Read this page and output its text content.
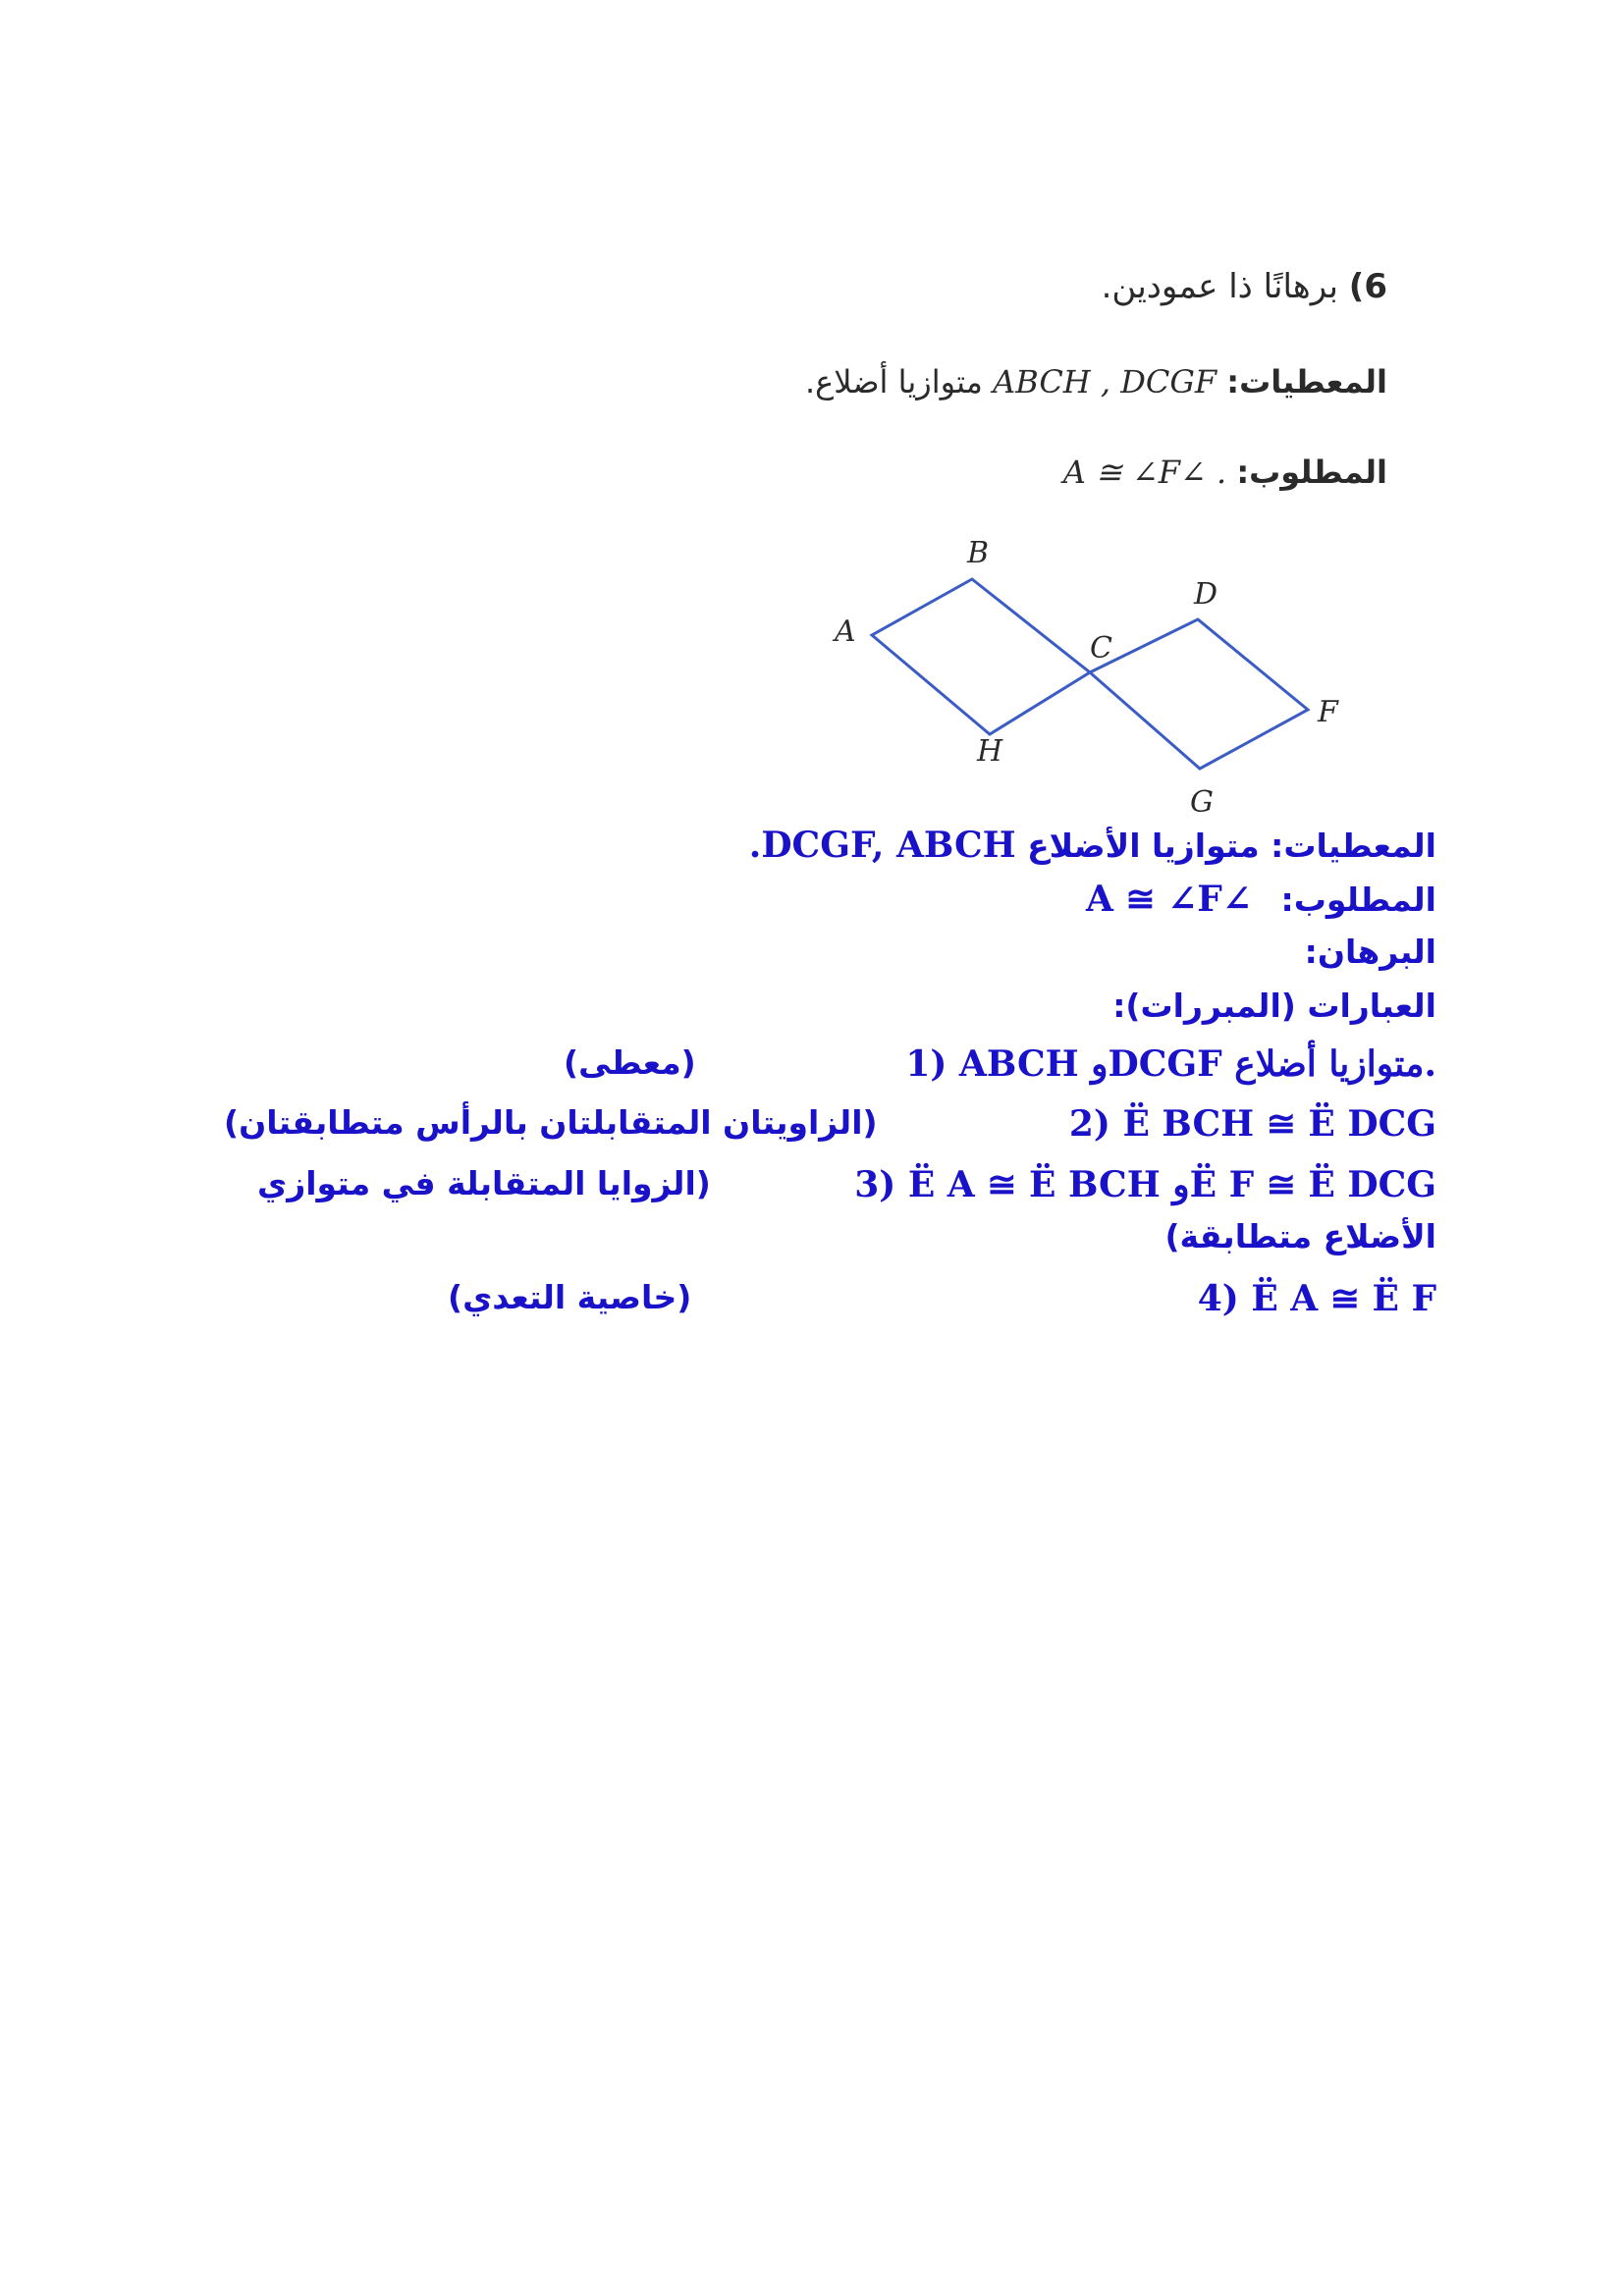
6) برهانًا ذا عمودين.
المعطيات: ABCH , DCGF متوازيا أضلاع.
المطلوب: . ∠A ≅ ∠F
A
B
C
D
F
G
H
المعطيات: متوازيا الأضلاع DCGF, ABCH.
المطلوب: ∠A ≅ ∠F
البرهان:
العبارات (المبررات):
1) ABCH وDCGF متوازيا أضلاع.
(معطى)
2) Ë BCH ≅ Ë DCG
(الزاويتان المتقابلتان بالرأس متطابقتان)
3) Ë A ≅ Ë BCH وË F ≅ Ë DCG
(الزوايا المتقابلة في متوازي
الأضلاع متطابقة)
4) Ë A ≅ Ë F
(خاصية التعدي)
